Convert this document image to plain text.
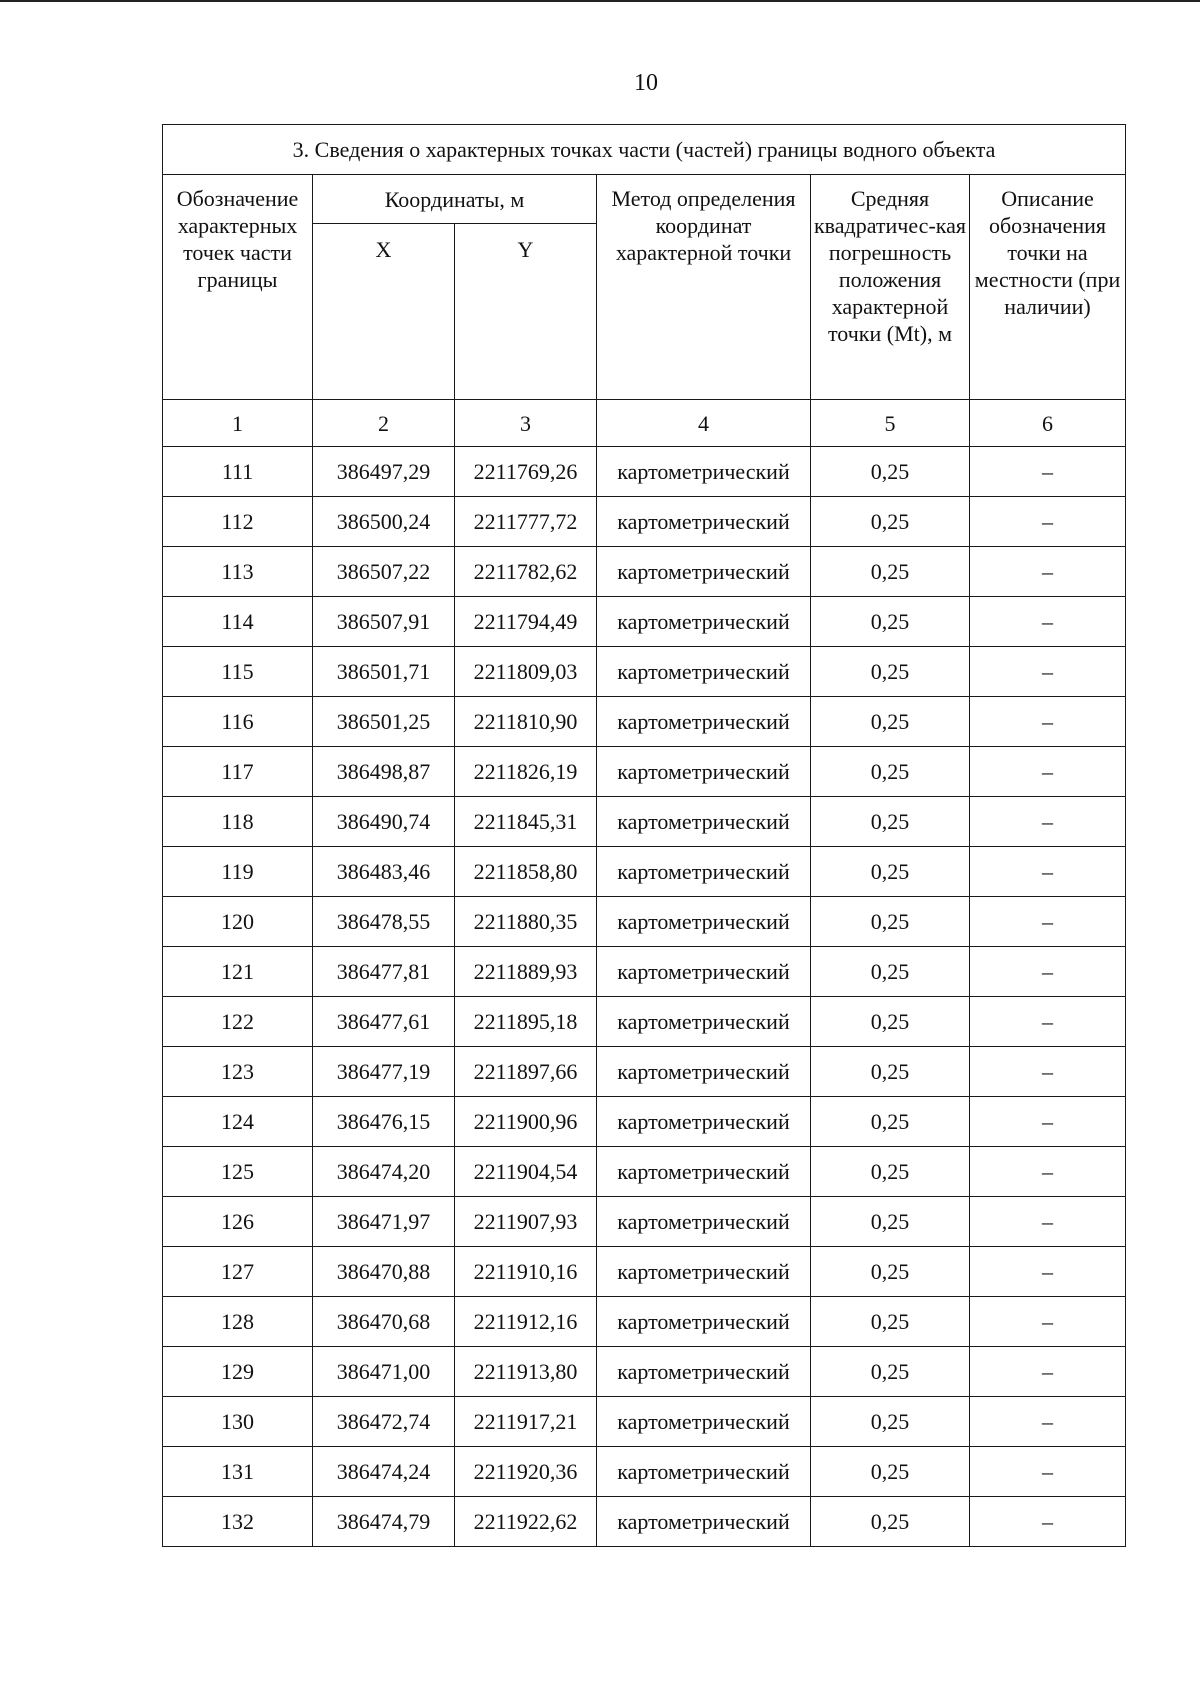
10
3. Сведения о характерных точках части (частей) границы водного объекта					
Обозначение характерных точек части границы	Координаты, м		Метод определения координат характерной точки	Средняя квадратичес-кая погрешность положения характерной точки (Mt), м	Описание обозначения точки на местности (при наличии)
	X	Y			
1	2	3	4	5	6
111	386497,29	2211769,26	картометрический	0,25	–
112	386500,24	2211777,72	картометрический	0,25	–
113	386507,22	2211782,62	картометрический	0,25	–
114	386507,91	2211794,49	картометрический	0,25	–
115	386501,71	2211809,03	картометрический	0,25	–
116	386501,25	2211810,90	картометрический	0,25	–
117	386498,87	2211826,19	картометрический	0,25	–
118	386490,74	2211845,31	картометрический	0,25	–
119	386483,46	2211858,80	картометрический	0,25	–
120	386478,55	2211880,35	картометрический	0,25	–
121	386477,81	2211889,93	картометрический	0,25	–
122	386477,61	2211895,18	картометрический	0,25	–
123	386477,19	2211897,66	картометрический	0,25	–
124	386476,15	2211900,96	картометрический	0,25	–
125	386474,20	2211904,54	картометрический	0,25	–
126	386471,97	2211907,93	картометрический	0,25	–
127	386470,88	2211910,16	картометрический	0,25	–
128	386470,68	2211912,16	картометрический	0,25	–
129	386471,00	2211913,80	картометрический	0,25	–
130	386472,74	2211917,21	картометрический	0,25	–
131	386474,24	2211920,36	картометрический	0,25	–
132	386474,79	2211922,62	картометрический	0,25	–
